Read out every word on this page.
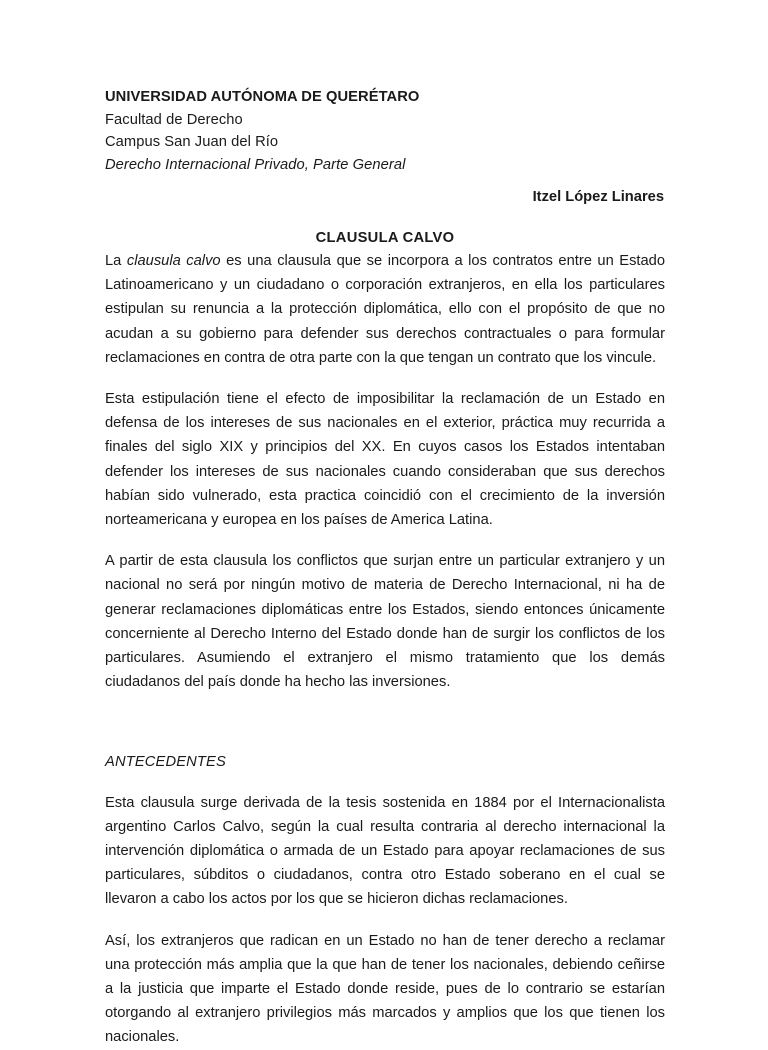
UNIVERSIDAD AUTÓNOMA DE QUERÉTARO
Facultad de Derecho
Campus San Juan del Río
Derecho Internacional Privado, Parte General
Itzel López Linares
CLAUSULA CALVO

La clausula calvo es una clausula que se incorpora a los contratos entre un Estado Latinoamericano y un ciudadano o corporación extranjeros, en ella los particulares estipulan su renuncia a la protección diplomática, ello con el propósito de que no acudan a su gobierno para defender sus derechos contractuales o para formular reclamaciones en contra de otra parte con la que tengan un contrato que los vincule.

Esta estipulación tiene el efecto de imposibilitar la reclamación de un Estado en defensa de los intereses de sus nacionales en el exterior, práctica muy recurrida a finales del siglo XIX y principios del XX. En cuyos casos los Estados intentaban defender los intereses de sus nacionales cuando consideraban que sus derechos habían sido vulnerado, esta practica coincidió con el crecimiento de la inversión norteamericana y europea en los países de America Latina.

A partir de esta clausula los conflictos que surjan entre un particular extranjero y un nacional no será por ningún motivo de materia de Derecho Internacional, ni ha de generar reclamaciones diplomáticas entre los Estados, siendo entonces únicamente concerniente al Derecho Interno del Estado donde han de surgir los conflictos de los particulares. Asumiendo el extranjero el mismo tratamiento que los demás ciudadanos del país donde ha hecho las inversiones.

ANTECEDENTES

Esta clausula surge derivada de la tesis sostenida en 1884 por el Internacionalista argentino Carlos Calvo, según la cual resulta contraria al derecho internacional la intervención diplomática o armada de un Estado para apoyar reclamaciones de sus particulares, súbditos o ciudadanos, contra otro Estado soberano en el cual se llevaron a cabo los actos por los que se hicieron dichas reclamaciones.

Así, los extranjeros que radican en un Estado no han de tener derecho a reclamar una protección más amplia que la que han de tener los nacionales, debiendo ceñirse a la justicia que imparte el Estado donde reside, pues de lo contrario se estarían otorgando al extranjero privilegios más marcados y amplios que los que tienen los nacionales.
